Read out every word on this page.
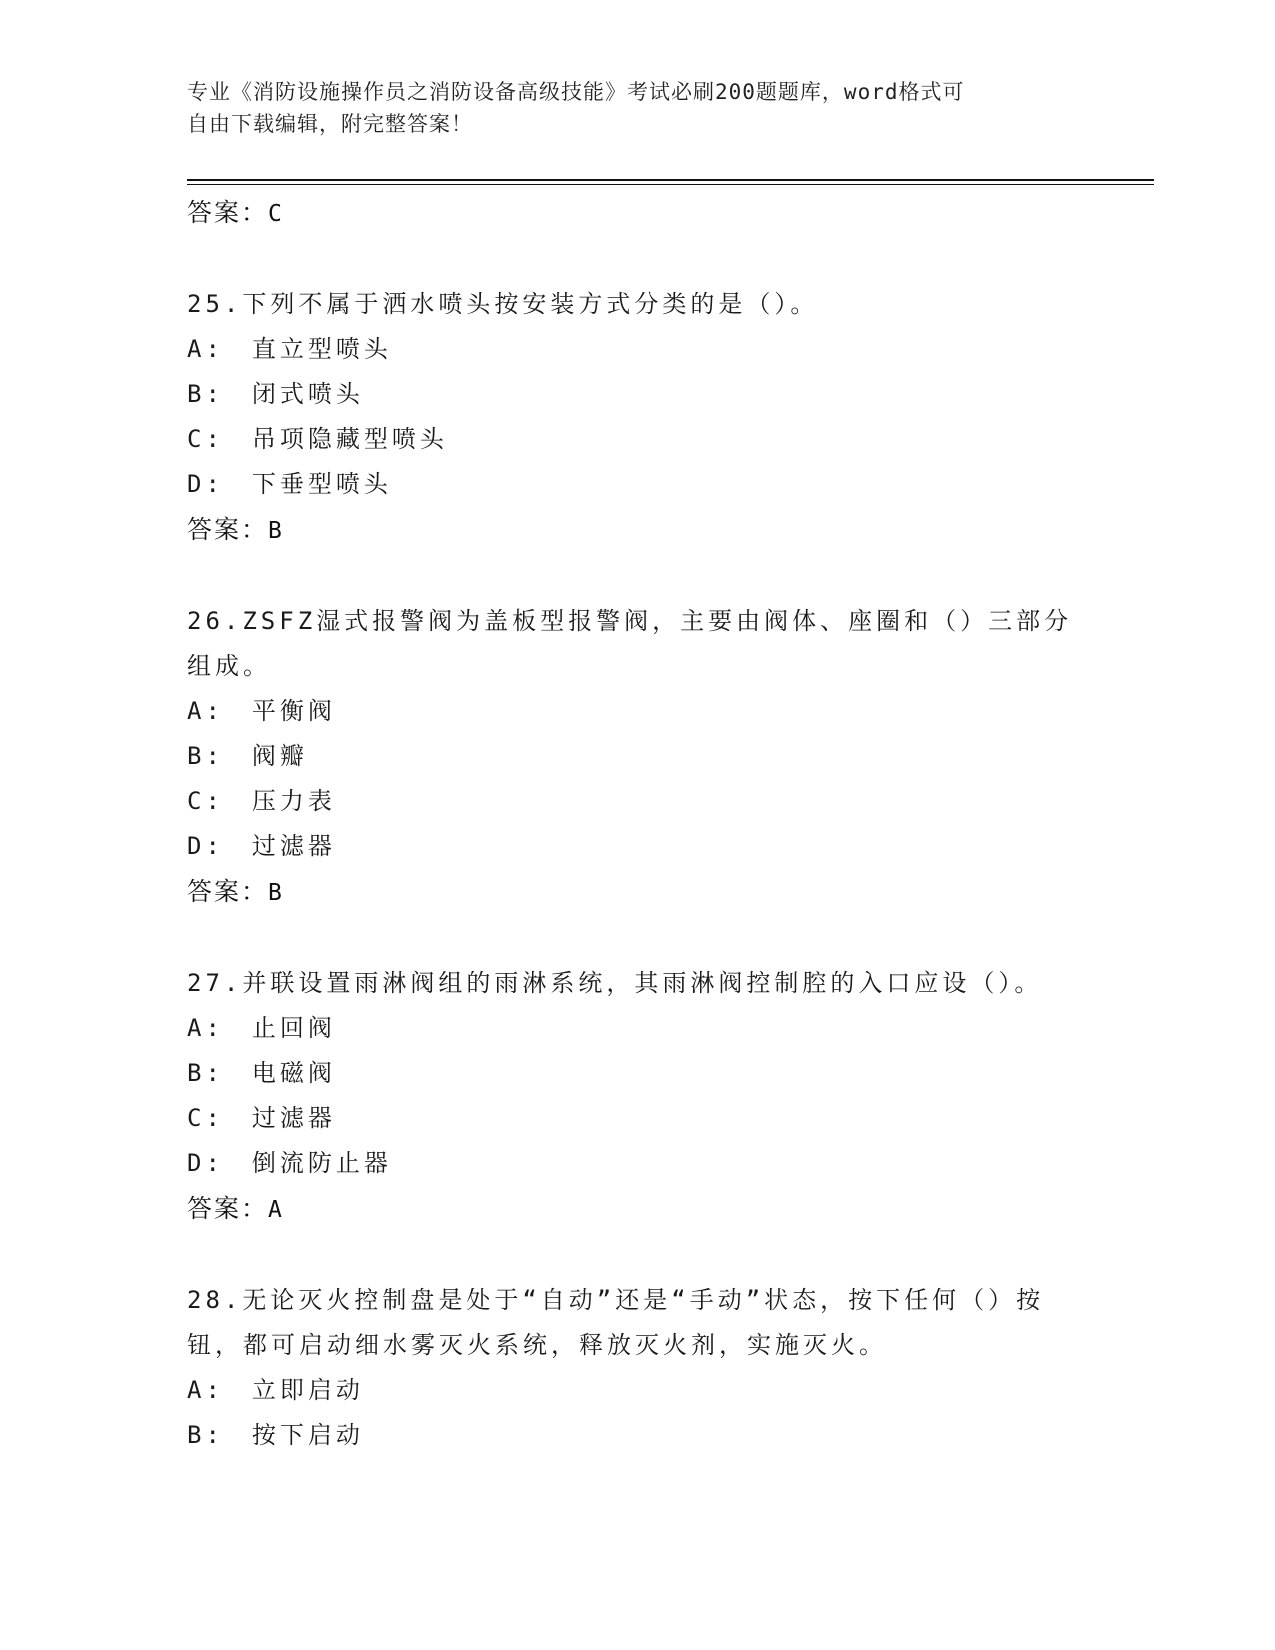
专业《消防设施操作员之消防设备高级技能》考试必刷200题题库，word格式可
自由下载编辑，附完整答案！

答案：C

25.下列不属于洒水喷头按安装方式分类的是（）。

A:　直立型喷头

B:　闭式喷头

C:　吊项隐藏型喷头

D:　下垂型喷头

答案：B

26.ZSFZ湿式报警阀为盖板型报警阀，主要由阀体、座圈和（）三部分组成。

A:　平衡阀

B:　阀瓣

C:　压力表

D:　过滤器

答案：B

27.并联设置雨淋阀组的雨淋系统，其雨淋阀控制腔的入口应设（）。

A:　止回阀

B:　电磁阀

C:　过滤器

D:　倒流防止器

答案：A

28.无论灭火控制盘是处于“自动”还是“手动”状态，按下任何（）按钮，都可启动细水雾灭火系统，释放灭火剂，实施灭火。

A:　立即启动

B:　按下启动
